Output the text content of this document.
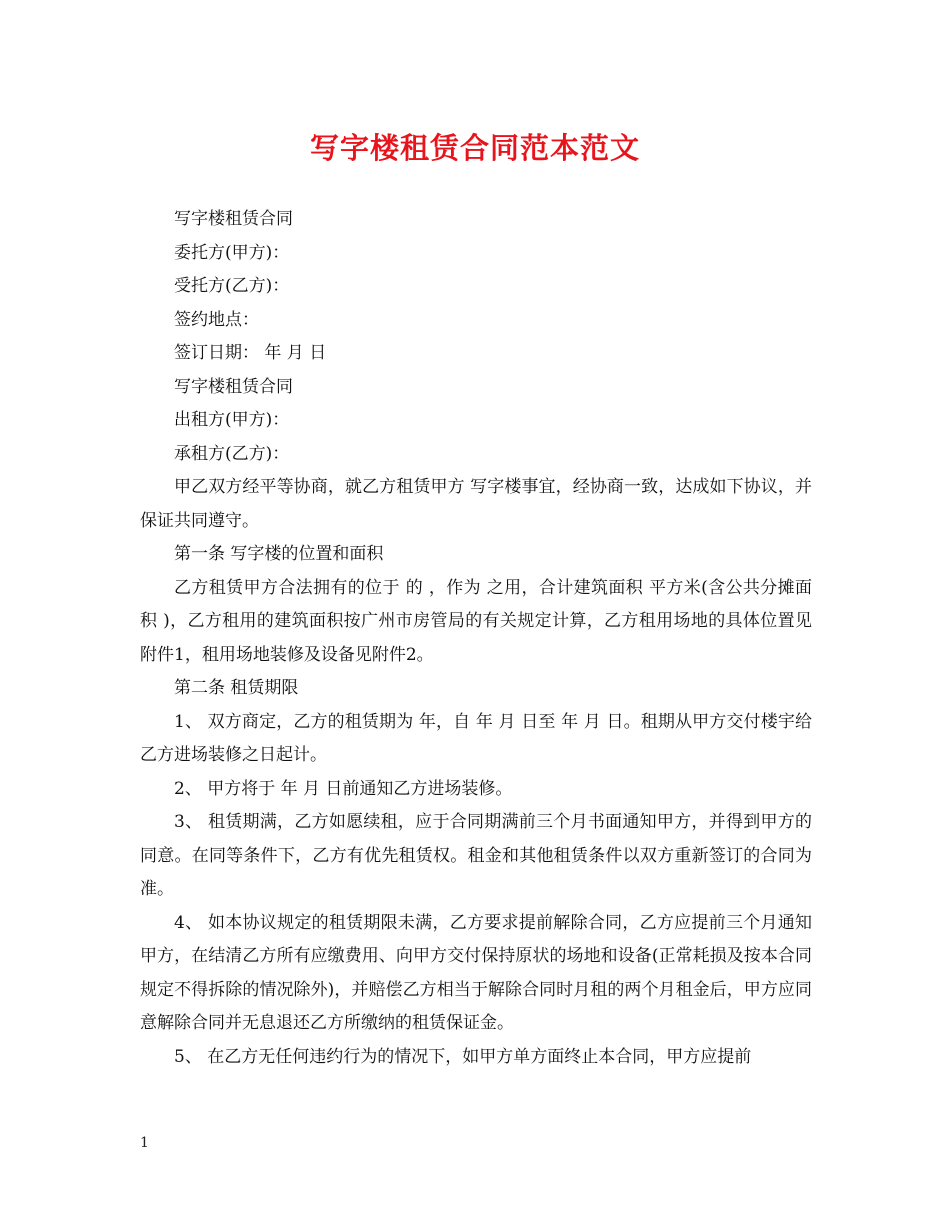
写字楼租赁合同范本范文

写字楼租赁合同

委托方(甲方)：

受托方(乙方)：

签约地点：

签订日期： 年 月 日

写字楼租赁合同

出租方(甲方)：

承租方(乙方)：

甲乙双方经平等协商，就乙方租赁甲方 写字楼事宜，经协商一致，达成如下协议，并保证共同遵守。

第一条 写字楼的位置和面积

乙方租赁甲方合法拥有的位于 的 ，作为 之用，合计建筑面积 平方米(含公共分摊面积 )，乙方租用的建筑面积按广州市房管局的有关规定计算，乙方租用场地的具体位置见附件1，租用场地装修及设备见附件2。

第二条 租赁期限

1、 双方商定，乙方的租赁期为 年，自 年 月 日至 年 月 日。租期从甲方交付楼宇给乙方进场装修之日起计。

2、 甲方将于 年 月 日前通知乙方进场装修。

3、 租赁期满，乙方如愿续租，应于合同期满前三个月书面通知甲方，并得到甲方的同意。在同等条件下，乙方有优先租赁权。租金和其他租赁条件以双方重新签订的合同为准。

4、 如本协议规定的租赁期限未满，乙方要求提前解除合同，乙方应提前三个月通知甲方，在结清乙方所有应缴费用、向甲方交付保持原状的场地和设备(正常耗损及按本合同规定不得拆除的情况除外)，并赔偿乙方相当于解除合同时月租的两个月租金后，甲方应同意解除合同并无息退还乙方所缴纳的租赁保证金。

5、 在乙方无任何违约行为的情况下，如甲方单方面终止本合同，甲方应提前

1
